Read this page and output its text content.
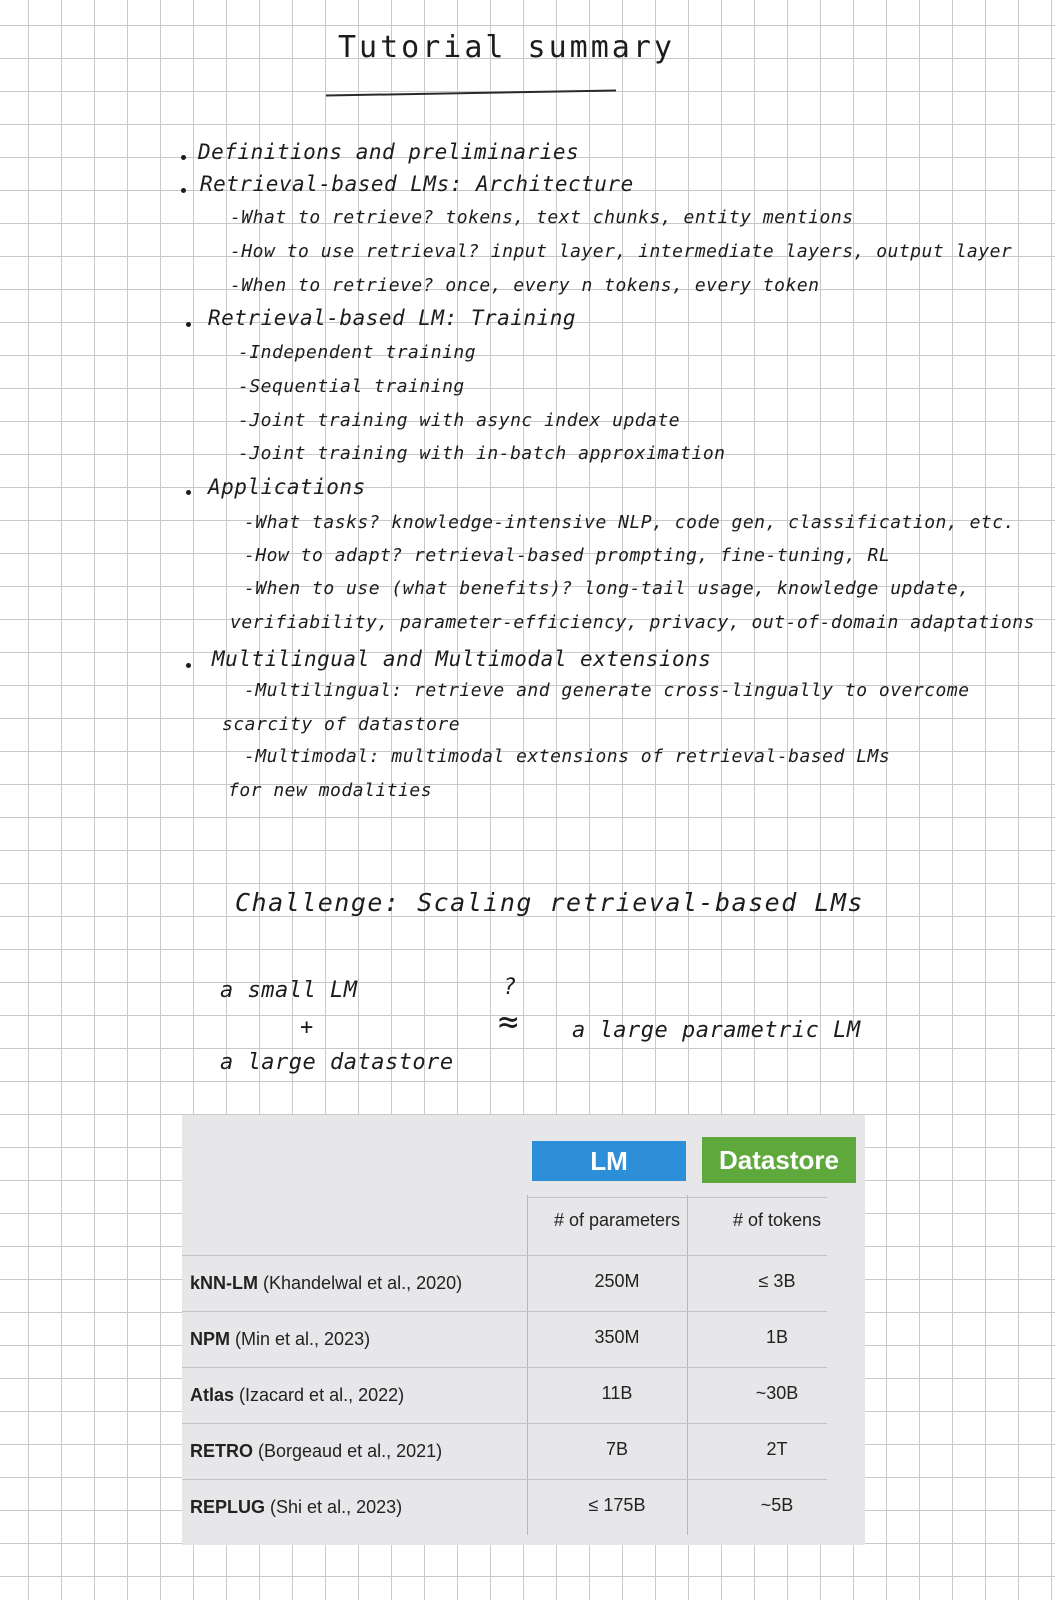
Tutorial summary
Definitions and preliminaries
Retrieval-based LMs: Architecture
-What to retrieve? tokens, text chunks, entity mentions
-How to use retrieval? input layer, intermediate layers, output layer
-When to retrieve? once, every n tokens, every token
Retrieval-based LM: Training
-Independent training
-Sequential training
-Joint training with async index update
-Joint training with in-batch approximation
Applications
-What tasks? knowledge-intensive NLP, code gen, classification, etc.
-How to adapt? retrieval-based prompting, fine-tuning, RL
-When to use (what benefits)? long-tail usage, knowledge update,
verifiability, parameter-efficiency, privacy, out-of-domain adaptations
Multilingual and Multimodal extensions
-Multilingual: retrieve and generate cross-lingually to overcome
scarcity of datastore
-Multimodal: multimodal extensions of retrieval-based LMs
for new modalities
Challenge: Scaling retrieval-based LMs
a small LM
+
a large datastore
?
≈ a large parametric LM
LM	Datastore
# of parameters	# of tokens
kNN-LM (Khandelwal et al., 2020)	250M	≤ 3B
NPM (Min et al., 2023)	350M	1B
Atlas (Izacard et al., 2022)	11B	~30B
RETRO (Borgeaud et al., 2021)	7B	2T
REPLUG (Shi et al., 2023)	≤ 175B	~5B
